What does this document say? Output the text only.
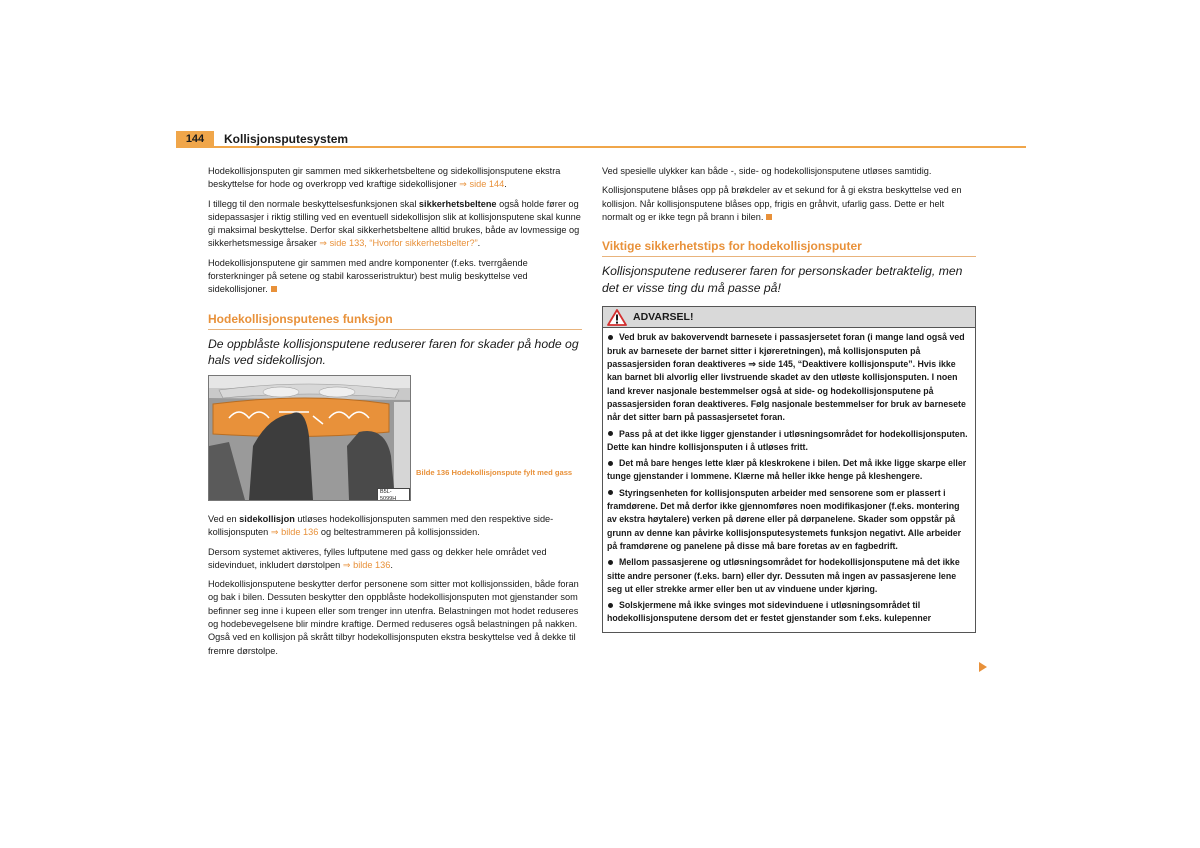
144	Kollisjonsputesystem

Hodekollisjonsputen gir sammen med sikkerhetsbeltene og sidekollisjonsputene ekstra beskyttelse for hode og overkropp ved kraftige sidekollisjoner ⇒ side 144.

I tillegg til den normale beskyttelsesfunksjonen skal sikkerhetsbeltene også holde fører og sidepassasjer i riktig stilling ved en eventuell sidekollisjon slik at kollisjonsputene skal kunne gi maksimal beskyttelse. Derfor skal sikkerhetsbeltene alltid brukes, både av lovmessige og sikkerhetsmessige årsaker ⇒ side 133, “Hvorfor sikkerhetsbelter?”.

Hodekollisjonsputene gir sammen med andre komponenter (f.eks. tverrgående forsterkninger på setene og stabil karosseristruktur) best mulig beskyttelse ved sidekollisjoner.

Hodekollisjonsputenes funksjon

De oppblåste kollisjonsputene reduserer faren for skader på hode og hals ved sidekollisjon.

B5L-5099H
Bilde 136 Hodekollisjonspute fylt med gass

Ved en sidekollisjon utløses hodekollisjonsputen sammen med den respektive sidekollisjonsputen ⇒ bilde 136 og beltestrammeren på kollisjonssiden.

Dersom systemet aktiveres, fylles luftputene med gass og dekker hele området ved sidevinduet, inkludert dørstolpen ⇒ bilde 136.

Hodekollisjonsputene beskytter derfor personene som sitter mot kollisjonssiden, både foran og bak i bilen. Dessuten beskytter den oppblåste hodekollisjonsputen mot gjenstander som befinner seg inne i kupeen eller som trenger inn utenfra. Belastningen mot hodet reduseres og hodebevegelsene blir mindre kraftige. Dermed reduseres også belastningen på nakken. Også ved en kollisjon på skrått tilbyr hodekollisjonsputen ekstra beskyttelse ved å dekke til fremre dørstolpe.

Ved spesielle ulykker kan både -, side- og hodekollisjonsputene utløses samtidig.

Kollisjonsputene blåses opp på brøkdeler av et sekund for å gi ekstra beskyttelse ved en kollisjon. Når kollisjonsputene blåses opp, frigis en gråhvit, ufarlig gass. Dette er helt normalt og er ikke tegn på brann i bilen.

Viktige sikkerhetstips for hodekollisjonsputer

Kollisjonsputene reduserer faren for personskader betraktelig, men det er visse ting du må passe på!

ADVARSEL!
Ved bruk av bakovervendt barnesete i passasjersetet foran (i mange land også ved bruk av barnesete der barnet sitter i kjøreretningen), må kollisjonsputen på passasjersiden foran deaktiveres ⇒ side 145, “Deaktivere kollisjonspute”. Hvis ikke kan barnet bli alvorlig eller livstruende skadet av den utløste kollisjonsputen. I noen land krever nasjonale bestemmelser også at side- og hodekollisjonsputene på passasjersiden foran deaktiveres. Følg nasjonale bestemmelser for bruk av barnesete når det sitter barn på passasjersetet foran.
Pass på at det ikke ligger gjenstander i utløsningsområdet for hodekollisjonsputen. Dette kan hindre kollisjonsputen i å utløses fritt.
Det må bare henges lette klær på kleskrokene i bilen. Det må ikke ligge skarpe eller tunge gjenstander i lommene. Klærne må heller ikke henge på kleshengere.
Styringsenheten for kollisjonsputen arbeider med sensorene som er plassert i framdørene. Det må derfor ikke gjennomføres noen modifikasjoner (f.eks. montering av ekstra høytalere) verken på dørene eller på dørpanelene. Skader som oppstår på grunn av denne kan påvirke kollisjonsputesystemets funksjon negativt. Alle arbeider på framdørene og panelene på disse må bare foretas av en fagbedrift.
Mellom passasjerene og utløsningsområdet for hodekollisjonsputene må det ikke sitte andre personer (f.eks. barn) eller dyr. Dessuten må ingen av passasjerene lene seg ut eller strekke armer eller ben ut av vinduene under kjøring.
Solskjermene må ikke svinges mot sidevinduene i utløsningsområdet til hodekollisjonsputene dersom det er festet gjenstander som f.eks. kulepenner
